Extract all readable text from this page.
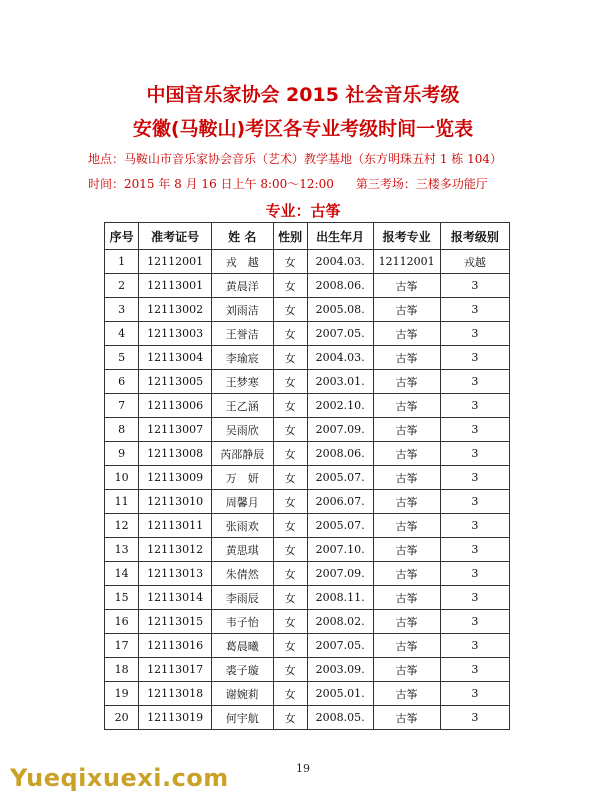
中国音乐家协会 2015 社会音乐考级
安徽(马鞍山)考区各专业考级时间一览表
地点：马鞍山市音乐家协会音乐（艺术）教学基地（东方明珠五村 1 栋 104）
时间：2015 年 8 月 16 日上午 8:00～12:00 第三考场：三楼多功能厅
专业：古筝
序号	准考证号	姓 名	性别	出生年月	报考专业	报考级别
1	12112001	戎　越	女	2004.03.	12112001	戎越
2	12113001	黄晨洋	女	2008.06.	古筝	3
3	12113002	刘雨洁	女	2005.08.	古筝	3
4	12113003	王誉洁	女	2007.05.	古筝	3
5	12113004	李瑜宸	女	2004.03.	古筝	3
6	12113005	王梦寒	女	2003.01.	古筝	3
7	12113006	王乙涵	女	2002.10.	古筝	3
8	12113007	吴雨欣	女	2007.09.	古筝	3
9	12113008	芮邵静辰	女	2008.06.	古筝	3
10	12113009	万　妍	女	2005.07.	古筝	3
11	12113010	周馨月	女	2006.07.	古筝	3
12	12113011	张雨欢	女	2005.07.	古筝	3
13	12113012	黄思琪	女	2007.10.	古筝	3
14	12113013	朱倩然	女	2007.09.	古筝	3
15	12113014	李雨辰	女	2008.11.	古筝	3
16	12113015	韦子怡	女	2008.02.	古筝	3
17	12113016	葛晨曦	女	2007.05.	古筝	3
18	12113017	裘子璇	女	2003.09.	古筝	3
19	12113018	谢婉莉	女	2005.01.	古筝	3
20	12113019	何宇航	女	2008.05.	古筝	3
19
Yueqixuexi.com
